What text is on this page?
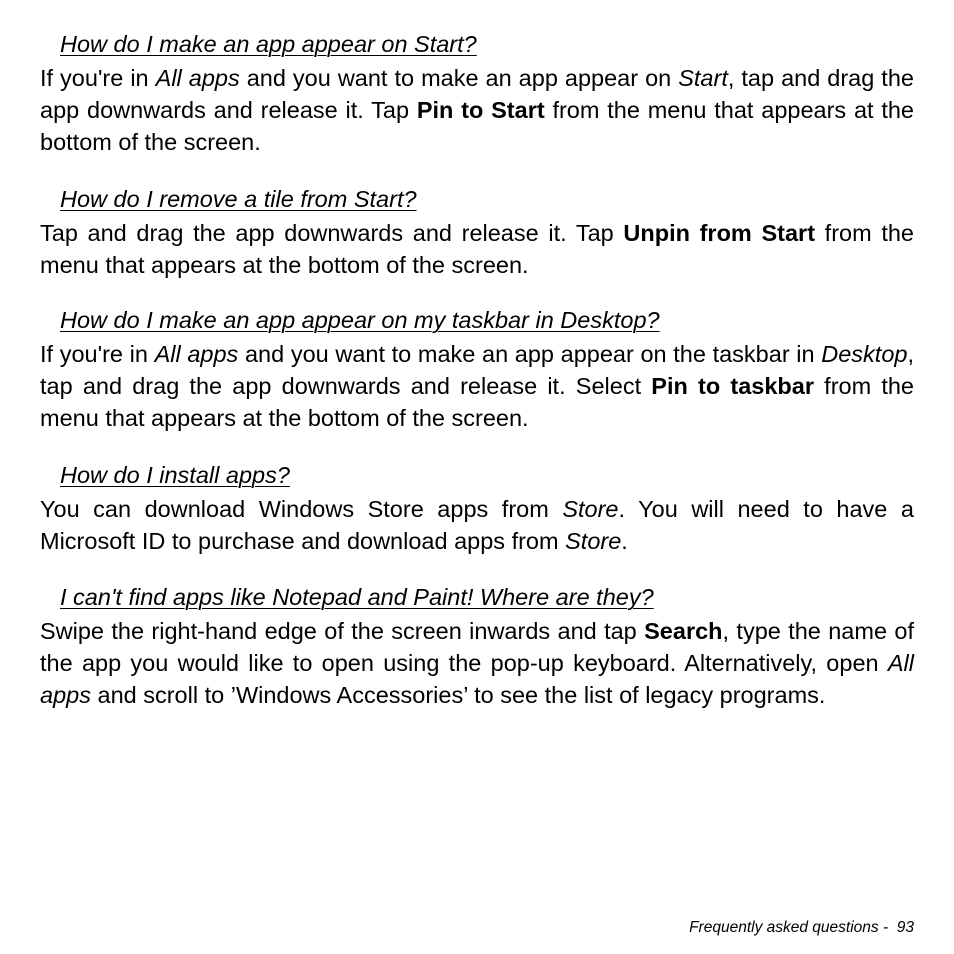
How do I make an app appear on Start?

If you're in All apps and you want to make an app appear on Start, tap and drag the app downwards and release it. Tap Pin to Start from the menu that appears at the bottom of the screen.

How do I remove a tile from Start?

Tap and drag the app downwards and release it. Tap Unpin from Start from the menu that appears at the bottom of the screen.

How do I make an app appear on my taskbar in Desktop?

If you're in All apps and you want to make an app appear on the taskbar in Desktop, tap and drag the app downwards and release it. Select Pin to taskbar from the menu that appears at the bottom of the screen.

How do I install apps?

You can download Windows Store apps from Store. You will need to have a Microsoft ID to purchase and download apps from Store.

I can't find apps like Notepad and Paint! Where are they?

Swipe the right-hand edge of the screen inwards and tap Search, type the name of the app you would like to open using the pop-up keyboard. Alternatively, open All apps and scroll to ’Windows Accessories’ to see the list of legacy programs.

Frequently asked questions - 93
